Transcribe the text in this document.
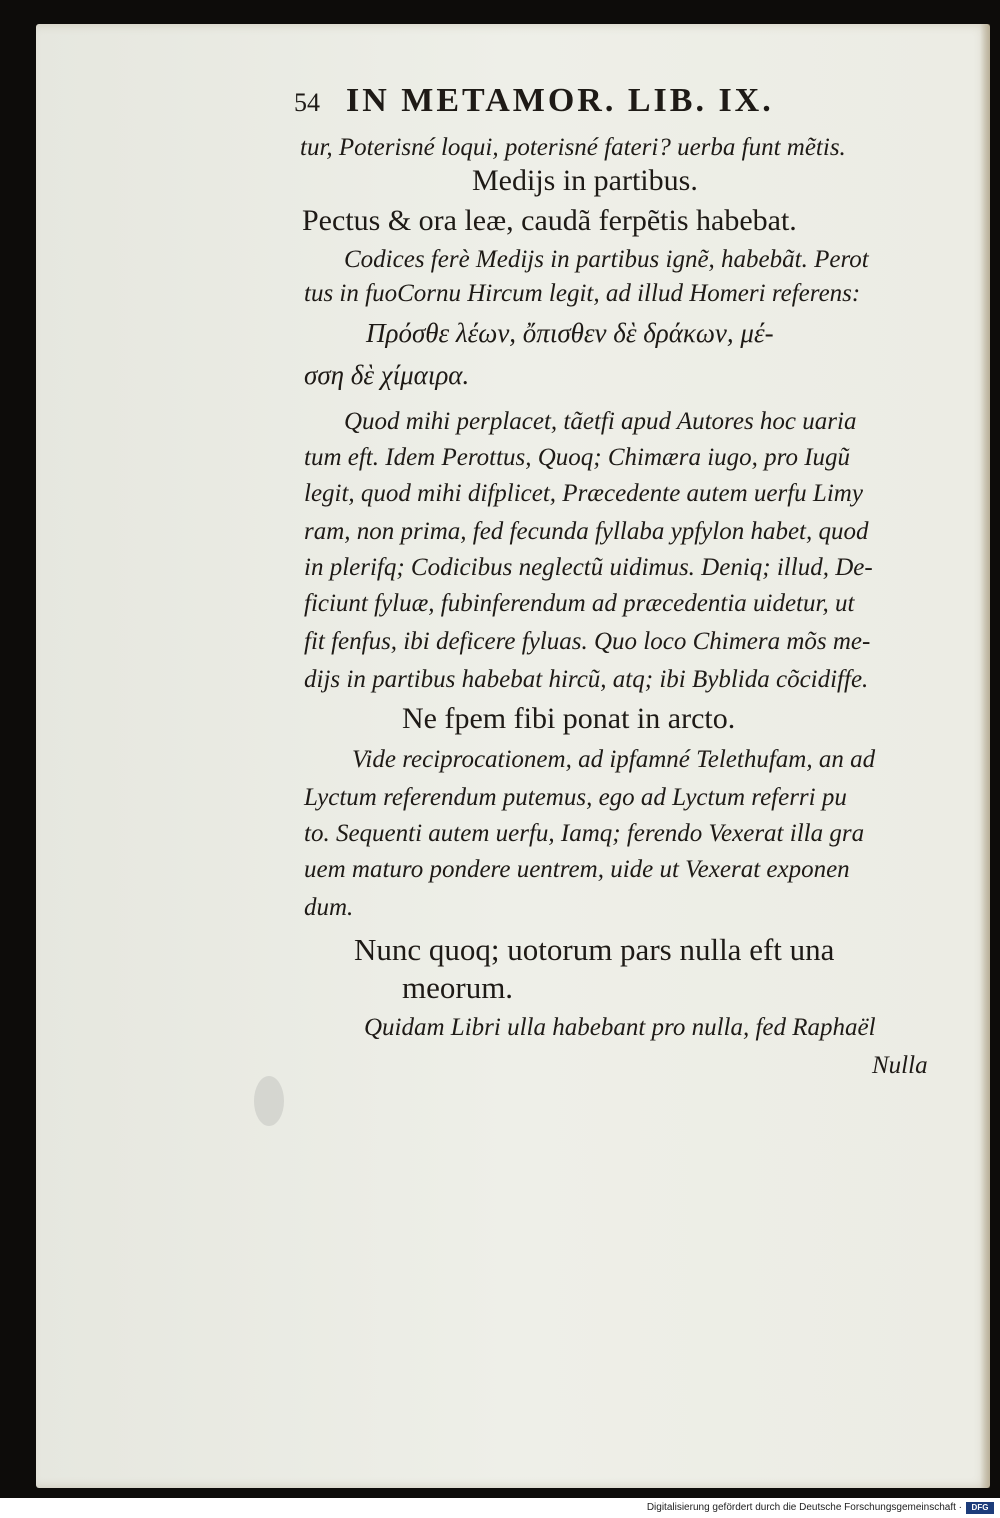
54 IN METAMOR. LIB. IX.
tur, Poterisné loqui, poterisné fateri? uerba funt mẽtis.
Medijs in partibus.
Pectus & ora leæ, caudã ferpẽtis habebat.
Codices ferè Medijs in partibus ignẽ, habebãt. Perot
tus in fuoCornu Hircum legit, ad illud Homeri referens:
Πρόσθε λέων, ὄπισθεν δὲ δράκων, μέ-
σση δὲ χίμαιρα.
Quod mihi perplacet, tãetfi apud Autores hoc uaria
tum eft. Idem Perottus, Quoq; Chimæra iugo, pro Iugũ
legit, quod mihi difplicet, Præcedente autem uerfu Limy
ram, non prima, fed fecunda fyllaba ypfylon habet, quod
in plerifq; Codicibus neglectũ uidimus. Deniq; illud, De-
ficiunt fyluæ, fubinferendum ad præcedentia uidetur, ut
fit fenfus, ibi deficere fyluas. Quo loco Chimera mõs me-
dijs in partibus habebat hircũ, atq; ibi Byblida cõcidiffe.
Ne fpem fibi ponat in arcto.
Vide reciprocationem, ad ipfamné Telethufam, an ad
Lyctum referendum putemus, ego ad Lyctum referri pu
to. Sequenti autem uerfu, Iamq; ferendo Vexerat illa gra
uem maturo pondere uentrem, uide ut Vexerat exponen
dum.
Nunc quoq; uotorum pars nulla eft una
meorum.
Quidam Libri ulla habebant pro nulla, fed Raphaël
Nulla
Digitalisierung gefördert durch die Deutsche Forschungsgemeinschaft ·	DFG
